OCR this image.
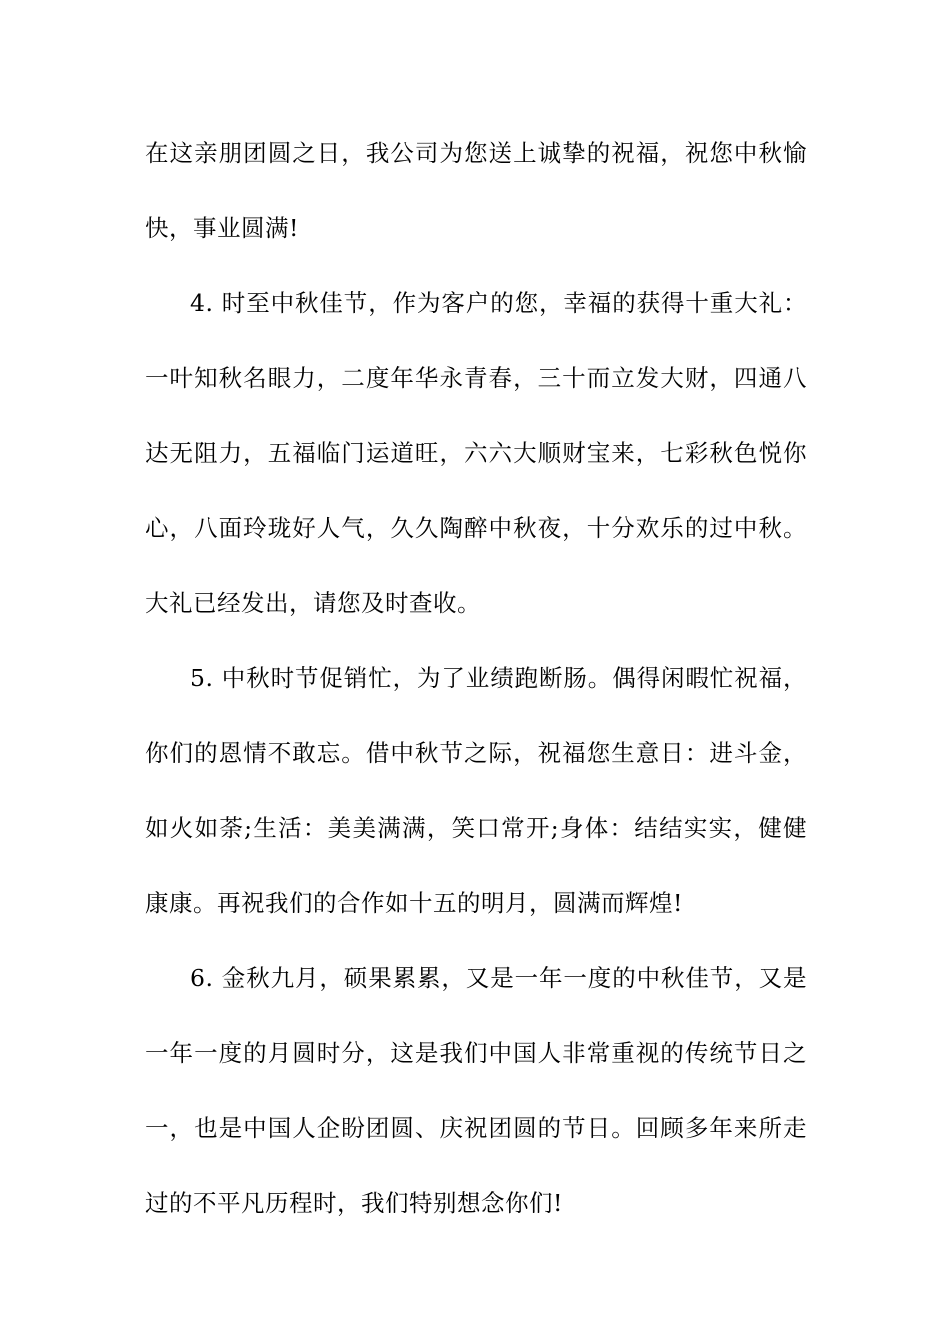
在这亲朋团圆之日，我公司为您送上诚挚的祝福，祝您中秋愉
快，事业圆满!
4. 时至中秋佳节，作为客户的您，幸福的获得十重大礼：
一叶知秋名眼力，二度年华永青春，三十而立发大财，四通八
达无阻力，五福临门运道旺，六六大顺财宝来，七彩秋色悦你
心，八面玲珑好人气，久久陶醉中秋夜，十分欢乐的过中秋。
大礼已经发出，请您及时查收。
5. 中秋时节促销忙，为了业绩跑断肠。偶得闲暇忙祝福，
你们的恩情不敢忘。借中秋节之际，祝福您生意日：进斗金，
如火如荼;生活：美美满满，笑口常开;身体：结结实实，健健
康康。再祝我们的合作如十五的明月，圆满而辉煌!
6. 金秋九月，硕果累累，又是一年一度的中秋佳节，又是
一年一度的月圆时分，这是我们中国人非常重视的传统节日之
一，也是中国人企盼团圆、庆祝团圆的节日。回顾多年来所走
过的不平凡历程时，我们特别想念你们!
